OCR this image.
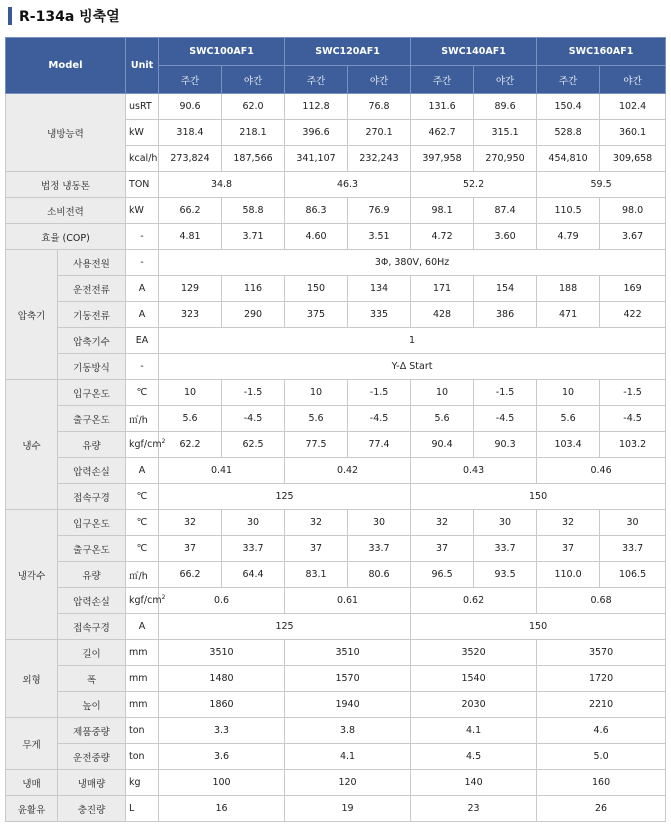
R-134a 빙축열
Model		Unit	SWC100AF1		SWC120AF1		SWC140AF1		SWC160AF1	
			주간	야간	주간	야간	주간	야간	주간	야간
냉방능력		usRT	90.6	62.0	112.8	76.8	131.6	89.6	150.4	102.4
		kW	318.4	218.1	396.6	270.1	462.7	315.1	528.8	360.1
		kcal/h	273,824	187,566	341,107	232,243	397,958	270,950	454,810	309,658
법정 냉동톤		TON	34.8		46.3		52.2		59.5	
소비전력		kW	66.2	58.8	86.3	76.9	98.1	87.4	110.5	98.0
효율 (COP)		-	4.81	3.71	4.60	3.51	4.72	3.60	4.79	3.67
압축기	사용전원	-	3Φ, 380V, 60Hz							
	운전전류	A	129	116	150	134	171	154	188	169
	기동전류	A	323	290	375	335	428	386	471	422
	압축기수	EA	1							
	기동방식	-	Y-Δ Start							
냉수	입구온도	℃	10	-1.5	10	-1.5	10	-1.5	10	-1.5
	출구온도	㎥/h	5.6	-4.5	5.6	-4.5	5.6	-4.5	5.6	-4.5
	유량	kgf/$cm^2$	62.2	62.5	77.5	77.4	90.4	90.3	103.4	103.2
	압력손실	A	0.41		0.42		0.43		0.46	
	접속구경	℃	125				150			
냉각수	입구온도	℃	32	30	32	30	32	30	32	30
	출구온도	℃	37	33.7	37	33.7	37	33.7	37	33.7
	유량	㎥/h	66.2	64.4	83.1	80.6	96.5	93.5	110.0	106.5
	압력손실	kgf/$cm^2$	0.6		0.61		0.62		0.68	
	접속구경	A	125				150			
외형	길이	mm	3510		3510		3520		3570	
	폭	mm	1480		1570		1540		1720	
	높이	mm	1860		1940		2030		2210	
무게	제품중량	ton	3.3		3.8		4.1		4.6	
	운전중량	ton	3.6		4.1		4.5		5.0	
냉매	냉매량	kg	100		120		140		160	
윤활유	충진량	L	16		19		23		26	
